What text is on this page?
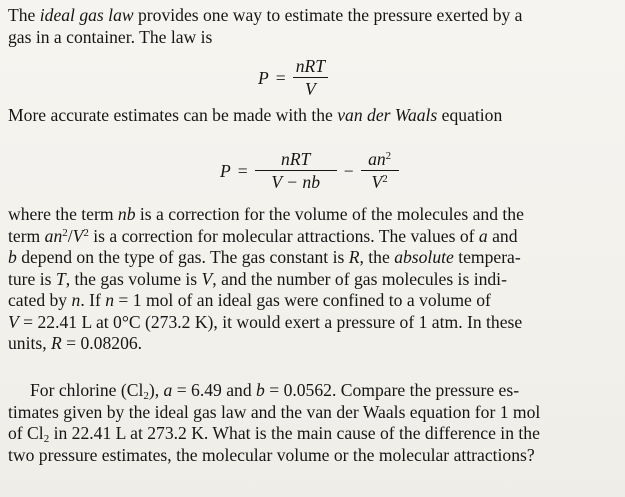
The ideal gas law provides one way to estimate the pressure exerted by a
gas in a container. The law is

$P = \frac{\text{nRT}}{V}$

More accurate estimates can be made with the van der Waals equation

$P = \frac{\text{nRT}}{V - nb} - \frac{an^2}{V^2}$

where the term nb is a correction for the volume of the molecules and the
term $an^2/V^2$ is a correction for molecular attractions. The values of a and
b depend on the type of gas. The gas constant is R, the absolute tempera-
ture is T, the gas volume is V, and the number of gas molecules is indi-
cated by n. If n = 1 mol of an ideal gas were confined to a volume of
V = 22.41 L at 0°C (273.2 K), it would exert a pressure of 1 atm. In these
units, R = 0.08206.

For chlorine $(Cl_2)$, a = 6.49 and b = 0.0562. Compare the pressure es-
timates given by the ideal gas law and the van der Waals equation for 1 mol
of $Cl_2$ in 22.41 L at 273.2 K. What is the main cause of the difference in the
two pressure estimates, the molecular volume or the molecular attractions?
